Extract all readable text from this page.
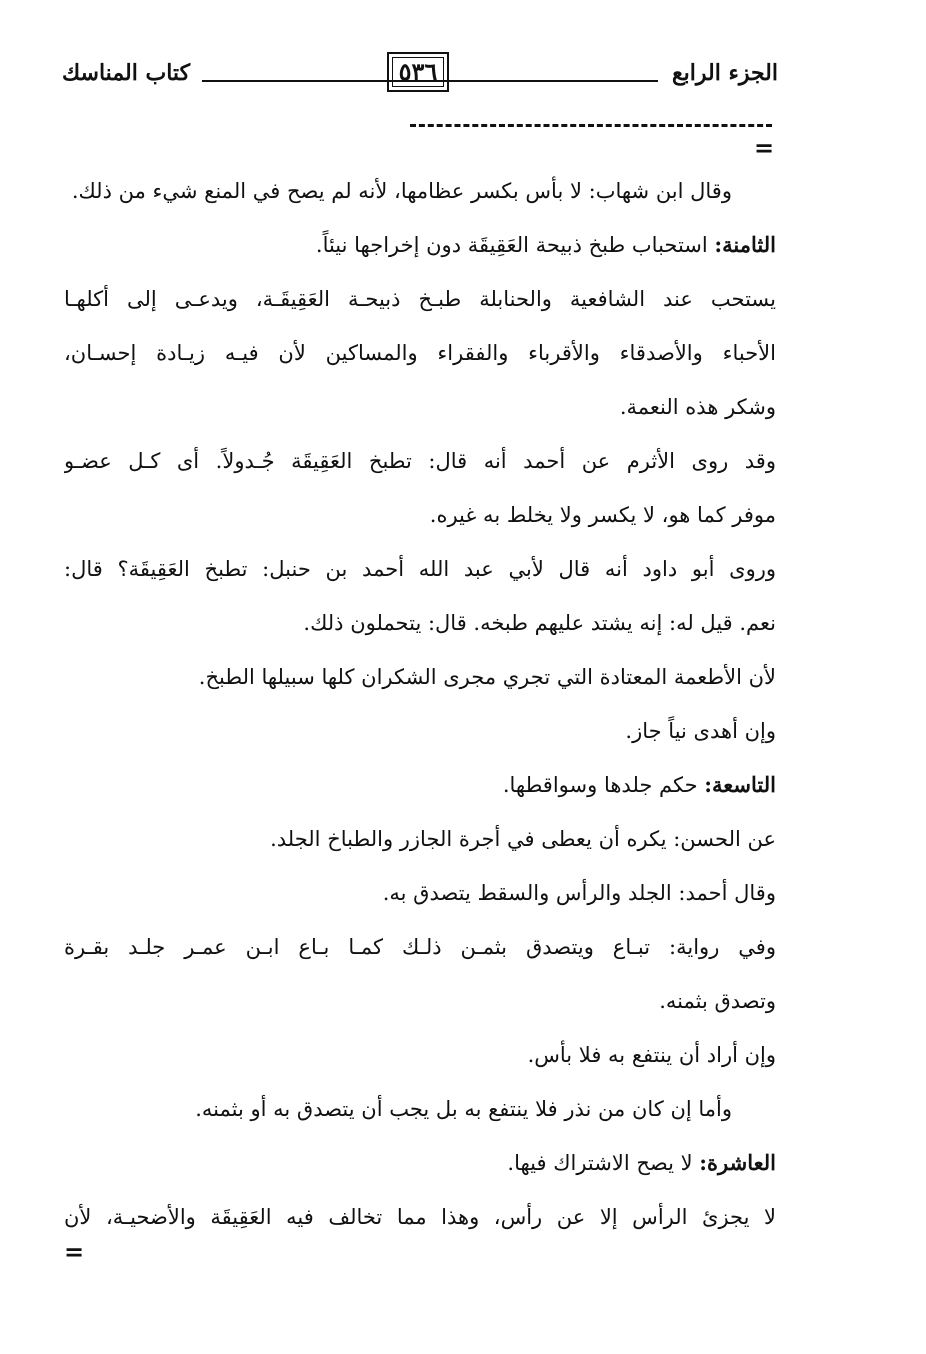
الجزء الرابع
٥٣٦
كتاب المناسك
=
وقال ابن شهاب: لا بأس بكسر عظامها، لأنه لم يصح في المنع شيء من ذلك.
الثامنة: استحباب طبخ ذبيحة العَقِيقَة دون إخراجها نيئاً.
يستحب عند الشافعية والحنابلة طبـخ ذبيحـة العَقِيقَـة، ويدعـى إلى أكلهـا
الأحباء والأصدقاء والأقرباء والفقراء والمساكين لأن فيـه زيـادة إحسـان،
وشكر هذه النعمة.
وقد روى الأثرم عن أحمد أنه قال: تطبخ العَقِيقَة جُـدولاً. أى كـل عضـو
موفر كما هو، لا يكسر ولا يخلط به غيره.
وروى أبو داود أنه قال لأبي عبد الله أحمد بن حنبل: تطبخ العَقِيقَة؟ قال:
نعم. قيل له: إنه يشتد عليهم طبخه. قال: يتحملون ذلك.
لأن الأطعمة المعتادة التي تجري مجرى الشكران كلها سبيلها الطبخ.
وإن أهدى نياً جاز.
التاسعة: حكم جلدها وسواقطها.
عن الحسن: يكره أن يعطى في أجرة الجازر والطباخ الجلد.
وقال أحمد: الجلد والرأس والسقط يتصدق به.
وفي رواية: تبـاع ويتصدق بثمـن ذلـك كمـا بـاع ابـن عمـر جلـد بقـرة
وتصدق بثمنه.
وإن أراد أن ينتفع به فلا بأس.
وأما إن كان من نذر فلا ينتفع به بل يجب أن يتصدق به أو بثمنه.
العاشرة: لا يصح الاشتراك فيها.
لا يجزئ الرأس إلا عن رأس، وهذا مما تخالف فيه العَقِيقَة والأضحيـة، لأن
=
